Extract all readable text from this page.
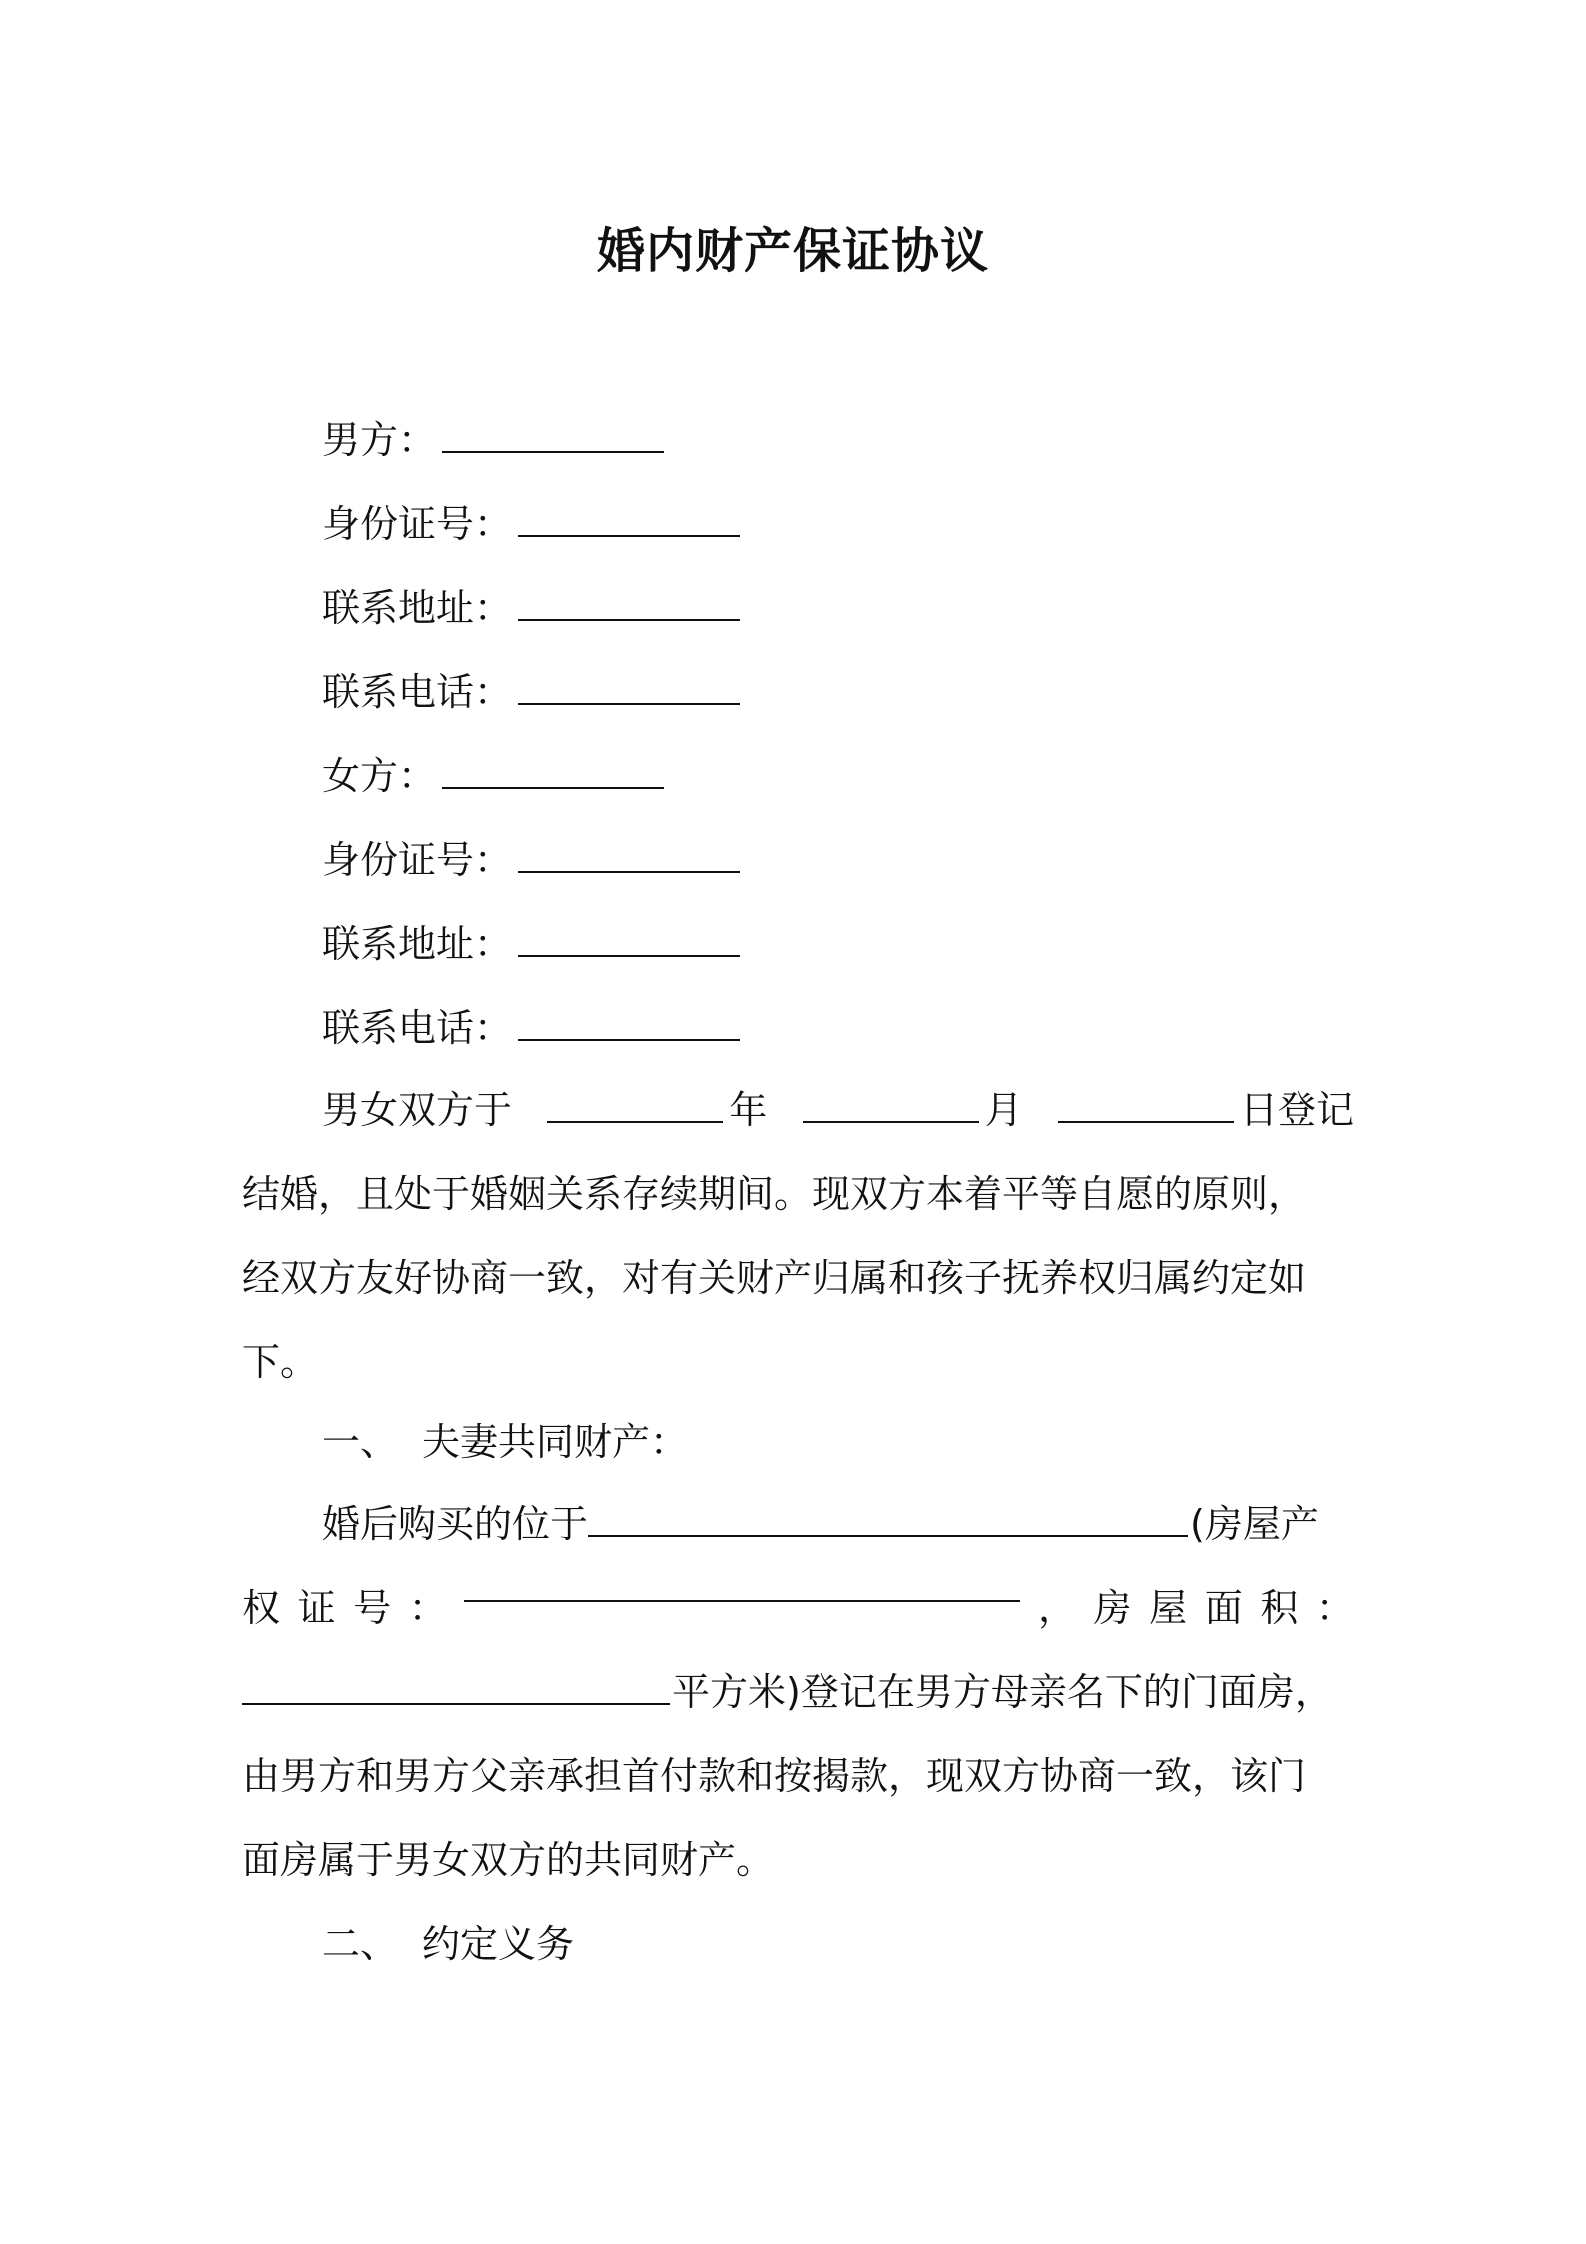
婚内财产保证协议
男方：
身份证号：
联系地址：
联系电话：
女方：
身份证号：
联系地址：
联系电话：
男女双方于	年	月	日登记
结婚，且处于婚姻关系存续期间。现双方本着平等自愿的原则，
经双方友好协商一致，对有关财产归属和孩子抚养权归属约定如
下。
一、 夫妻共同财产：
婚后购买的位于	(房屋产
权 证 号 ：	， 房 屋 面 积 ：
平方米)登记在男方母亲名下的门面房，
由男方和男方父亲承担首付款和按揭款，现双方协商一致，该门
面房属于男女双方的共同财产。
二、 约定义务
